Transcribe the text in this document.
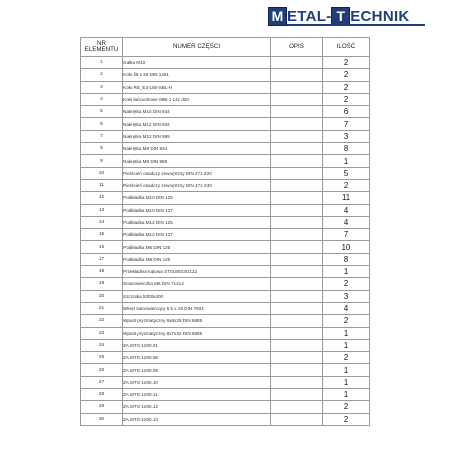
M ETAL - T ECHNIK
NR
ELEMENTU	NUMER CZĘŚCI	OPIS	ILOŚĆ
1	Gałka M10		2
2	Koło fi8 x 30 DIN 1481		2
3	Koło RE_E3-150-SBL-H		2
4	Koło łańcuchowe 08B-1 14z d20		2
5	Nakrętka M10 DIN 934		6
6	Nakrętka M12 DIN 934		7
7	Nakrętka M12 DIN 985		3
8	Nakrętka M8 DIN 934		8
9	Nakrętka M8 DIN 985		1
10	Pierścień osadczy zewnętrzny DIN 471 Z20		5
11	Pierścień osadczy zewnętrzny DIN 471 Z40		2
12	Podkładka M10 DIN 125		11
13	Podkładka M10 DIN 127		4
14	Podkładka M12 DIN 125		4
15	Podkładka M12 DIN 127		7
16	Podkładka M6 DIN 125		10
17	Podkładka M8 DIN 125		8
18	Przekładnia kątowa ST0180S3G122		1
19	Smarowniczka M6 DIN 71412		2
20	Szczotka 5300x400		3
21	Wkręt samowiercący 5,5 x 25 DIN 7504		4
22	Wpust pryzmatyczny 6x6x25 DIN 6885		2
23	Wpust pryzmatyczny 8x7x32 DIN 6885		1
24	ZA.MTS-1200.01		1
25	ZA.MTS-1200.08		2
26	ZA.MTS-1200.09		1
27	ZA.MTS-1200.10		1
28	ZA.MTS-1200.11		1
29	ZA.MTS-1200.12		2
30	ZA.MTS-1200.13		2
